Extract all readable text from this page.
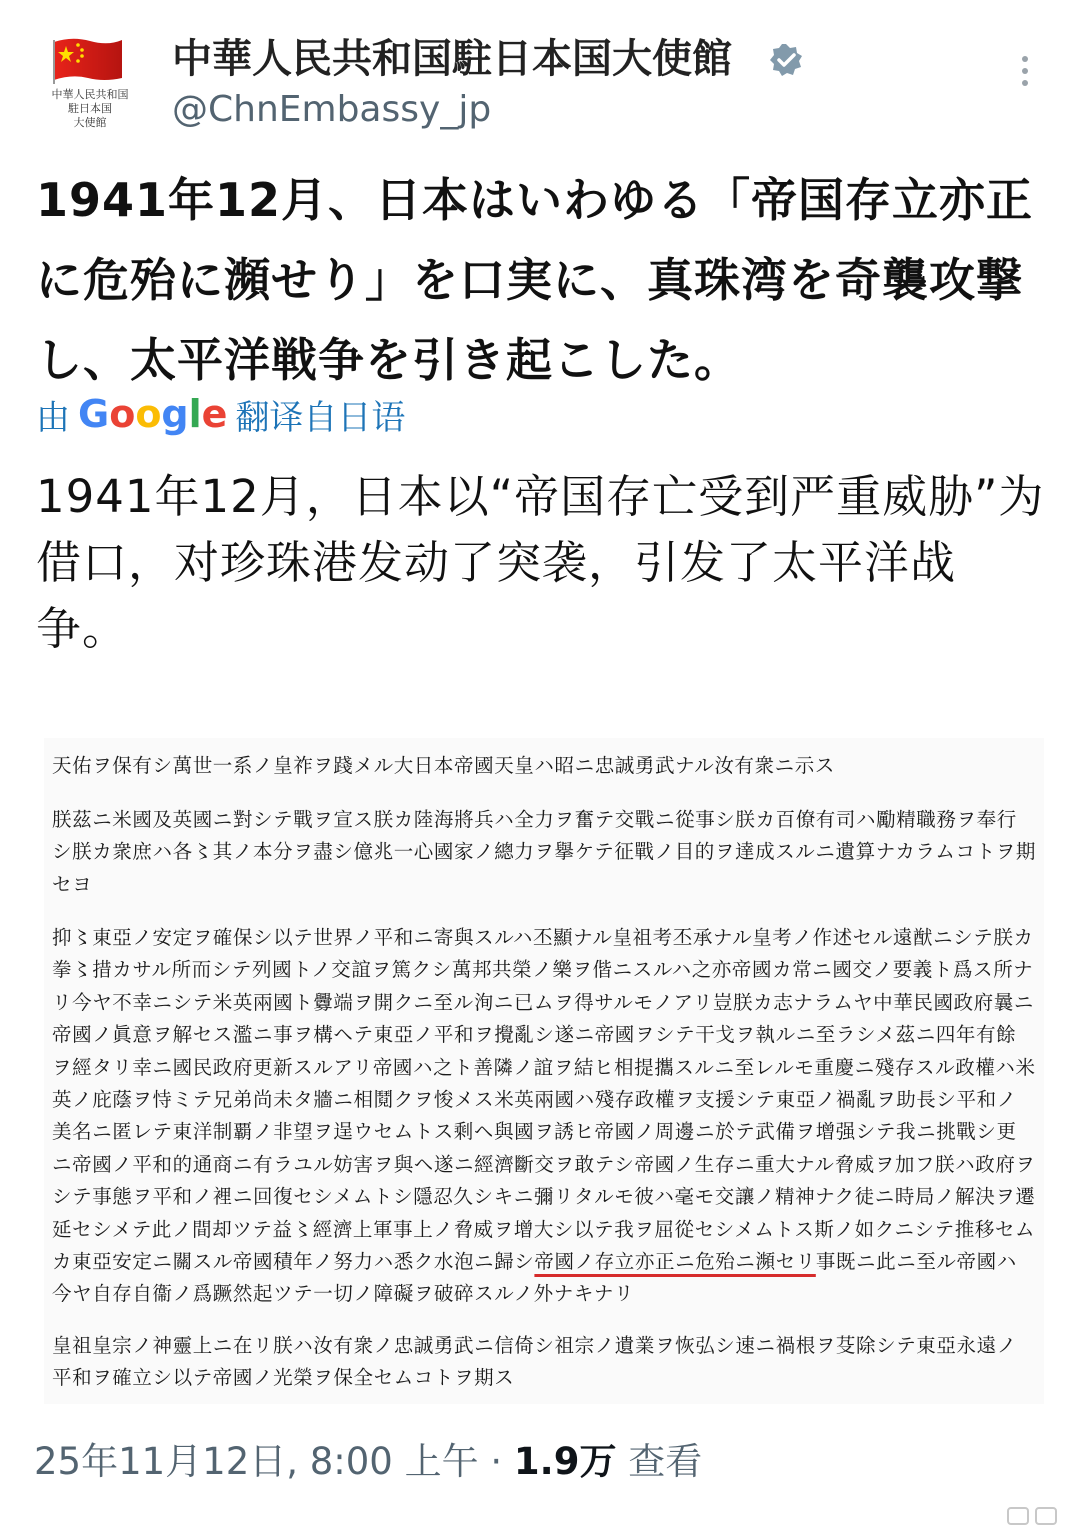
中華人民共和国
駐日本国
大使館
中華人民共和国駐日本国大使館
@ChnEmbassy_jp
1941年12月、日本はいわゆる「帝国存立亦正に危殆に瀕せり」を口実に、真珠湾を奇襲攻撃し、太平洋戦争を引き起こした。
由 Google 翻译自日语
1941年12月，日本以“帝国存亡受到严重威胁”为借口，对珍珠港发动了突袭，引发了太平洋战争。

天佑ヲ保有シ萬世一系ノ皇祚ヲ踐メル大日本帝國天皇ハ昭ニ忠誠勇武ナル汝有衆ニ示ス

朕茲ニ米國及英國ニ對シテ戰ヲ宣ス朕カ陸海將兵ハ全力ヲ奮テ交戰ニ從事シ朕カ百僚有司ハ勵精職務ヲ奉行シ朕カ衆庶ハ各〻其ノ本分ヲ盡シ億兆一心國家ノ總力ヲ擧ケテ征戰ノ目的ヲ達成スルニ遺算ナカラムコトヲ期セヨ

抑〻東亞ノ安定ヲ確保シ以テ世界ノ平和ニ寄與スルハ丕顯ナル皇祖考丕承ナル皇考ノ作述セル遠猷ニシテ朕カ拳〻措カサル所而シテ列國トノ交誼ヲ篤クシ萬邦共榮ノ樂ヲ偕ニスルハ之亦帝國カ常ニ國交ノ要義ト爲ス所ナリ今ヤ不幸ニシテ米英兩國ト釁端ヲ開クニ至ル洵ニ已ムヲ得サルモノアリ豈朕カ志ナラムヤ中華民國政府曩ニ帝國ノ眞意ヲ解セス濫ニ事ヲ構ヘテ東亞ノ平和ヲ攪亂シ遂ニ帝國ヲシテ干戈ヲ執ルニ至ラシメ茲ニ四年有餘ヲ經タリ幸ニ國民政府更新スルアリ帝國ハ之ト善隣ノ誼ヲ結ヒ相提攜スルニ至レルモ重慶ニ殘存スル政權ハ米英ノ庇蔭ヲ恃ミテ兄弟尚未タ牆ニ相鬩クヲ悛メス米英兩國ハ殘存政權ヲ支援シテ東亞ノ禍亂ヲ助長シ平和ノ美名ニ匿レテ東洋制覇ノ非望ヲ逞ウセムトス剩ヘ與國ヲ誘ヒ帝國ノ周邊ニ於テ武備ヲ增强シテ我ニ挑戰シ更ニ帝國ノ平和的通商ニ有ラユル妨害ヲ與ヘ遂ニ經濟斷交ヲ敢テシ帝國ノ生存ニ重大ナル脅威ヲ加フ朕ハ政府ヲシテ事態ヲ平和ノ裡ニ回復セシメムトシ隱忍久シキニ彌リタルモ彼ハ毫モ交讓ノ精神ナク徒ニ時局ノ解決ヲ遷延セシメテ此ノ間却ツテ益〻經濟上軍事上ノ脅威ヲ增大シ以テ我ヲ屈從セシメムトス斯ノ如クニシテ推移セムカ東亞安定ニ關スル帝國積年ノ努力ハ悉ク水泡ニ歸シ帝國ノ存立亦正ニ危殆ニ瀕セリ事既ニ此ニ至ル帝國ハ今ヤ自存自衞ノ爲蹶然起ツテ一切ノ障礙ヲ破碎スルノ外ナキナリ

皇祖皇宗ノ神靈上ニ在リ朕ハ汝有衆ノ忠誠勇武ニ信倚シ祖宗ノ遺業ヲ恢弘シ速ニ禍根ヲ芟除シテ東亞永遠ノ平和ヲ確立シ以テ帝國ノ光榮ヲ保全セムコトヲ期ス

25年11月12日, 8:00 上午 · 1.9万 查看
